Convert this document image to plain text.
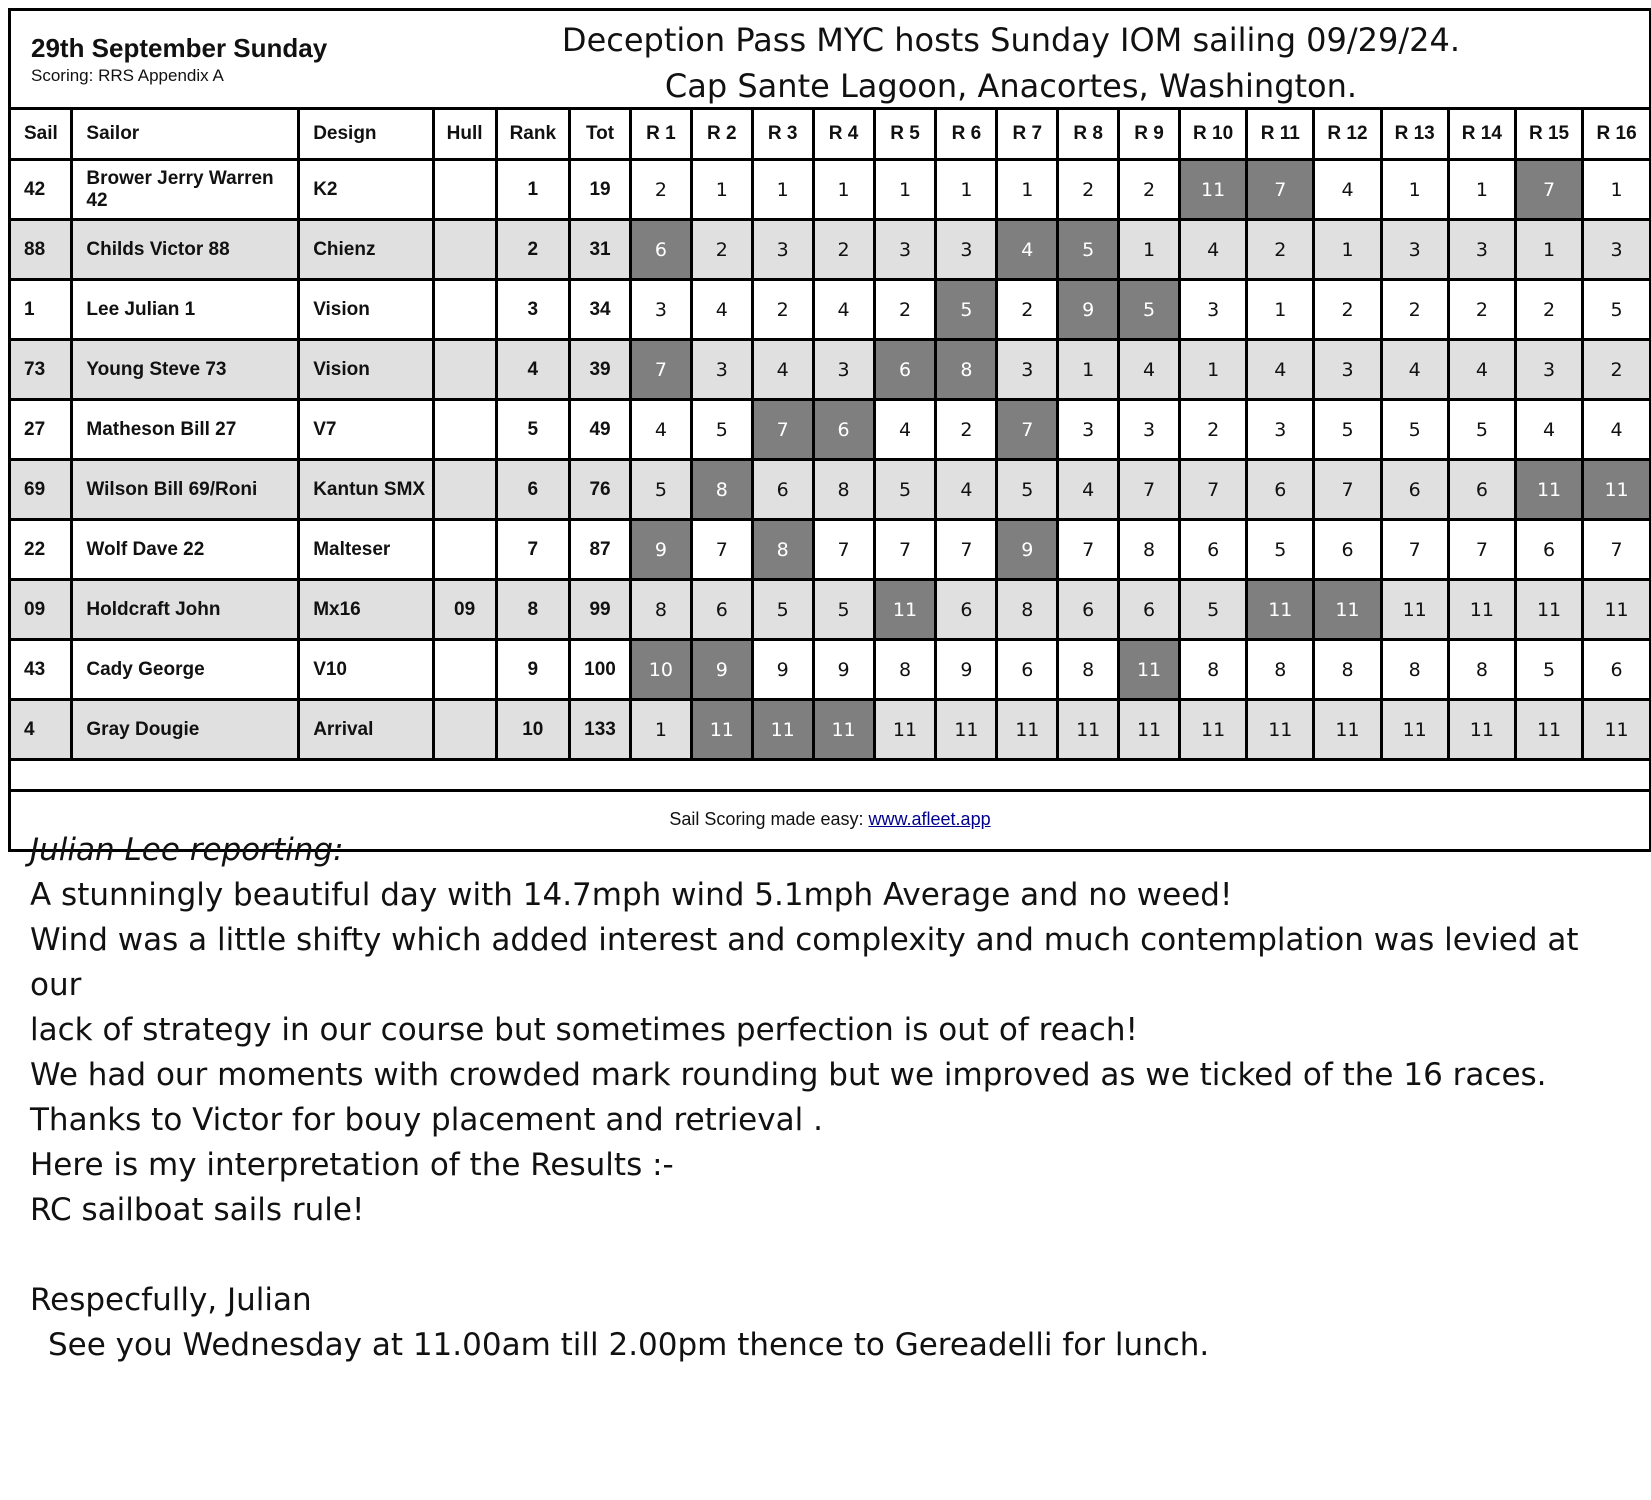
29th September Sunday
Scoring: RRS Appendix A
Deception Pass MYC hosts Sunday IOM sailing 09/29/24.
Cap Sante Lagoon, Anacortes, Washington.
Sail	Sailor	Design	Hull	Rank	Tot	R 1	R 2	R 3	R 4	R 5	R 6	R 7	R 8	R 9	R 10	R 11	R 12	R 13	R 14	R 15	R 16
42	Brower Jerry Warren 42	K2		1	19	2	1	1	1	1	1	1	2	2	11	7	4	1	1	7	1
88	Childs Victor 88	Chienz		2	31	6	2	3	2	3	3	4	5	1	4	2	1	3	3	1	3
1	Lee Julian 1	Vision		3	34	3	4	2	4	2	5	2	9	5	3	1	2	2	2	2	5
73	Young Steve 73	Vision		4	39	7	3	4	3	6	8	3	1	4	1	4	3	4	4	3	2
27	Matheson Bill 27	V7		5	49	4	5	7	6	4	2	7	3	3	2	3	5	5	5	4	4
69	Wilson Bill 69/Roni	Kantun SMX		6	76	5	8	6	8	5	4	5	4	7	7	6	7	6	6	11	11
22	Wolf Dave 22	Malteser		7	87	9	7	8	7	7	7	9	7	8	6	5	6	7	7	6	7
09	Holdcraft John	Mx16	09	8	99	8	6	5	5	11	6	8	6	6	5	11	11	11	11	11	11
43	Cady George	V10		9	100	10	9	9	9	8	9	6	8	11	8	8	8	8	8	5	6
4	Gray Dougie	Arrival		10	133	1	11	11	11	11	11	11	11	11	11	11	11	11	11	11	11
Sail Scoring made easy: www.afleet.app
Julian Lee reporting:
A stunningly beautiful day with 14.7mph wind 5.1mph Average and no weed!
Wind was a little shifty which added interest and complexity and much contemplation was levied at our
lack of strategy in our course but sometimes perfection is out of reach!
We had our moments with crowded mark rounding but we improved as we ticked of the 16 races.
Thanks to Victor for bouy placement and retrieval .
Here is my interpretation of the Results :-
RC sailboat sails rule!
Respecfully, Julian
See you Wednesday at 11.00am till 2.00pm thence to Gereadelli for lunch.
